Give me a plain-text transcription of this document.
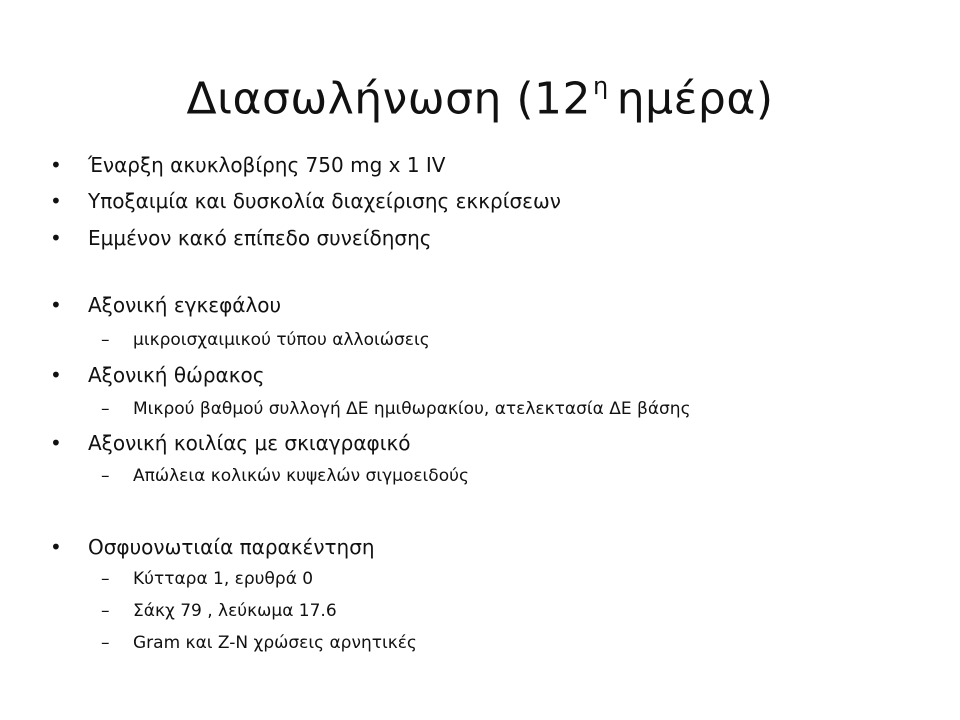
Διασωλήνωση ($12^\eta$ ημέρα)
• Έναρξη ακυκλοβίρης 750 mg x 1 IV
• Υποξαιμία και δυσκολία διαχείρισης εκκρίσεων
• Εμμένον κακό επίπεδο συνείδησης
• Αξονική εγκεφάλου
– μικροισχαιμικού τύπου αλλοιώσεις
• Αξονική θώρακος
– Μικρού βαθμού συλλογή ΔΕ ημιθωρακίου, ατελεκτασία ΔΕ βάσης
• Αξονική κοιλίας με σκιαγραφικό
– Απώλεια κολικών κυψελών σιγμοειδούς
• Οσφυονωτιαία παρακέντηση
– Κύτταρα 1, ερυθρά 0
– Σάκχ 79 , λεύκωμα 17.6
– Gram και Z-N χρώσεις αρνητικές
